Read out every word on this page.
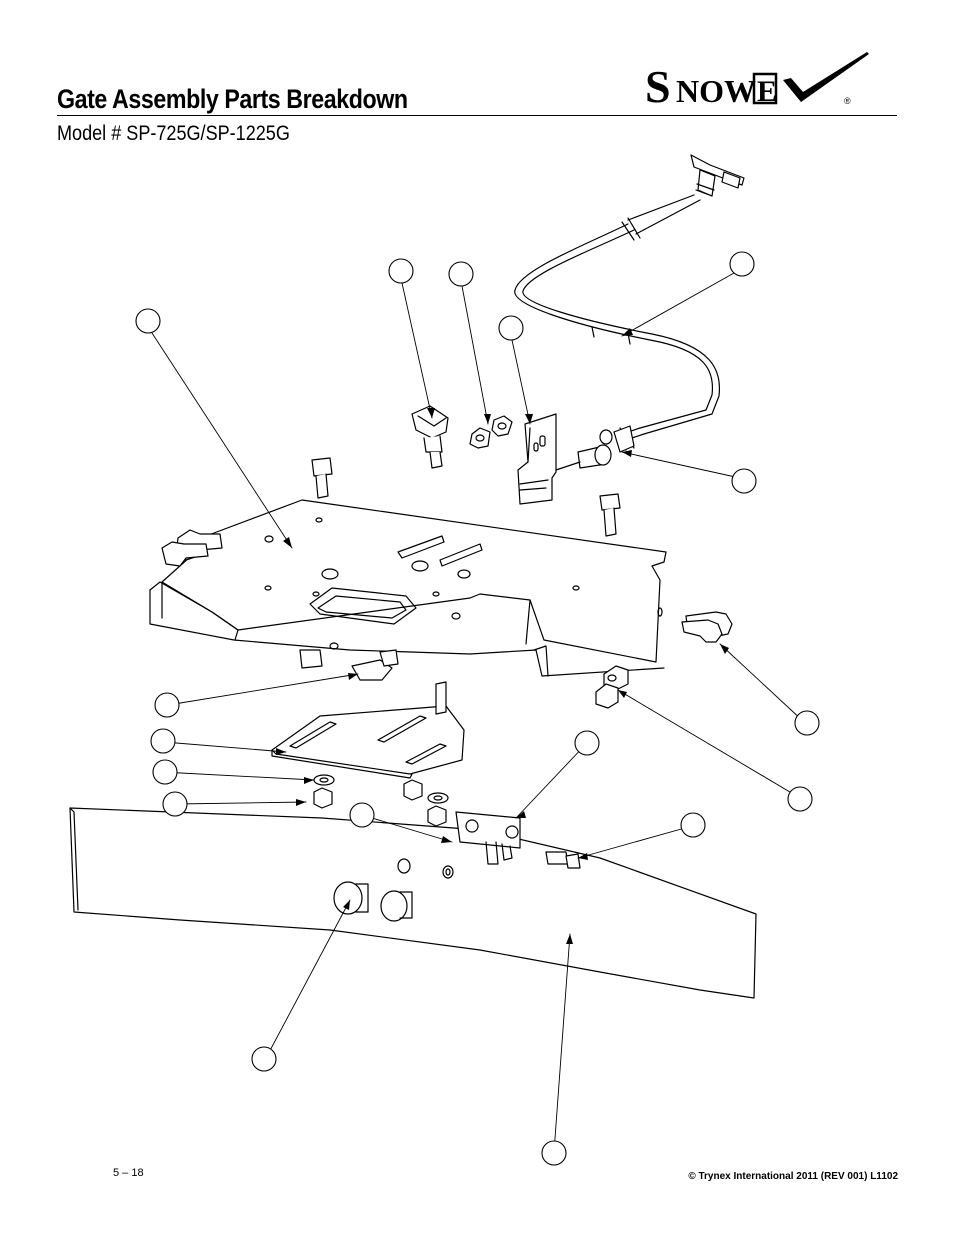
Gate Assembly Parts Breakdown
Model # SP-725G/SP-1225G
S NOW E	®
5 – 18	© Trynex International 2011 (REV 001) L1102
